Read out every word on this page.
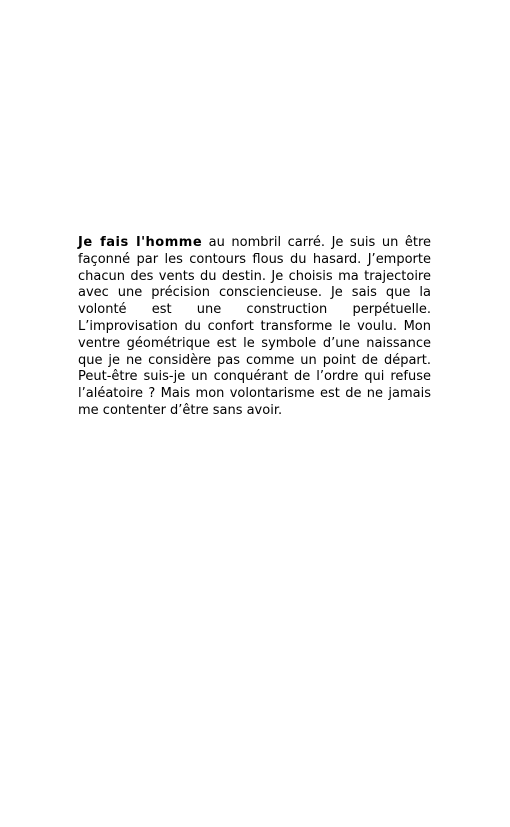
Je fais l'homme au nombril carré. Je suis un être façonné par les contours flous du hasard. J’emporte chacun des vents du destin. Je choisis ma trajectoire avec une précision consciencieuse. Je sais que la volonté est une construction perpétuelle. L’improvisation du confort transforme le voulu. Mon ventre géométrique est le symbole d’une naissance que je ne considère pas comme un point de départ. Peut-être suis-je un conquérant de l’ordre qui refuse l’aléatoire ? Mais mon volontarisme est de ne jamais me contenter d’être sans avoir.
